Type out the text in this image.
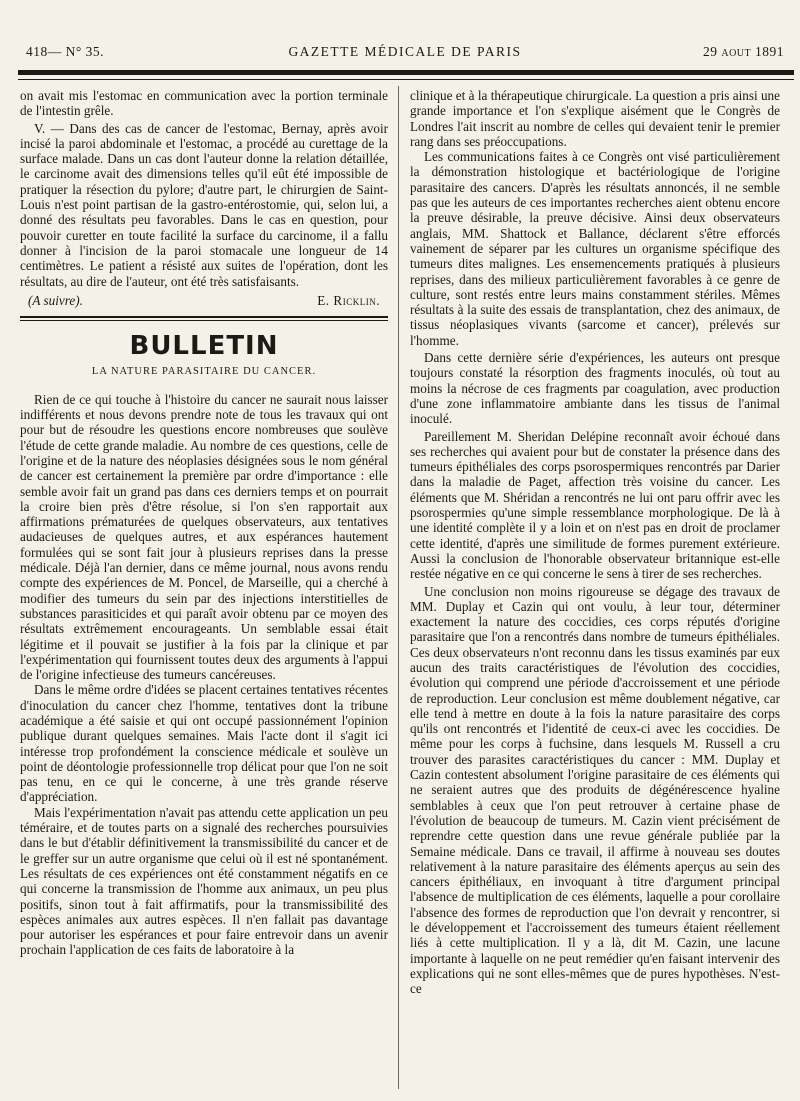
418— N° 35.	GAZETTE MÉDICALE DE PARIS	29 AOUT 1891

on avait mis l'estomac en communication avec la portion terminale de l'intestin grêle.

V. — Dans des cas de cancer de l'estomac, Bernay, après avoir incisé la paroi abdominale et l'estomac, a procédé au curettage de la surface malade. Dans un cas dont l'auteur donne la relation détaillée, le carcinome avait des dimensions telles qu'il eût été impossible de pratiquer la résection du pylore; d'autre part, le chirurgien de Saint-Louis n'est point partisan de la gastro-entérostomie, qui, selon lui, a donné des résultats peu favorables. Dans le cas en question, pour pouvoir curetter en toute facilité la surface du carcinome, il a fallu donner à l'incision de la paroi stomacale une longueur de 14 centimètres. Le patient a résisté aux suites de l'opération, dont les résultats, au dire de l'auteur, ont été très satisfaisants.

(A suivre).	E. Ricklin.
BULLETIN
LA NATURE PARASITAIRE DU CANCER.

Rien de ce qui touche à l'histoire du cancer ne saurait nous laisser indifférents et nous devons prendre note de tous les travaux qui ont pour but de résoudre les questions encore nombreuses que soulève l'étude de cette grande maladie. Au nombre de ces questions, celle de l'origine et de la nature des néoplasies désignées sous le nom général de cancer est certainement la première par ordre d'importance : elle semble avoir fait un grand pas dans ces derniers temps et on pourrait la croire bien près d'être résolue, si l'on s'en rapportait aux affirmations prématurées de quelques observateurs, aux tentatives audacieuses de quelques autres, et aux espérances hautement formulées qui se sont fait jour à plusieurs reprises dans la presse médicale. Déjà l'an dernier, dans ce même journal, nous avons rendu compte des expériences de M. Poncel, de Marseille, qui a cherché à modifier des tumeurs du sein par des injections interstitielles de substances parasiticides et qui paraît avoir obtenu par ce moyen des résultats extrêmement encourageants. Un semblable essai était légitime et il pouvait se justifier à la fois par la clinique et par l'expérimentation qui fournissent toutes deux des arguments à l'appui de l'origine infectieuse des tumeurs cancéreuses.

Dans le même ordre d'idées se placent certaines tentatives récentes d'inoculation du cancer chez l'homme, tentatives dont la tribune académique a été saisie et qui ont occupé passionnément l'opinion publique durant quelques semaines. Mais l'acte dont il s'agit ici intéresse trop profondément la conscience médicale et soulève un point de déontologie professionnelle trop délicat pour que l'on ne soit pas tenu, en ce qui le concerne, à une très grande réserve d'appréciation.

Mais l'expérimentation n'avait pas attendu cette application un peu téméraire, et de toutes parts on a signalé des recherches poursuivies dans le but d'établir définitivement la transmissibilité du cancer et de le greffer sur un autre organisme que celui où il est né spontanément. Les résultats de ces expériences ont été constamment négatifs en ce qui concerne la transmission de l'homme aux animaux, un peu plus positifs, sinon tout à fait affirmatifs, pour la transmissibilité des espèces animales aux autres espèces. Il n'en fallait pas davantage pour autoriser les espérances et pour faire entrevoir dans un avenir prochain l'application de ces faits de laboratoire à la

clinique et à la thérapeutique chirurgicale. La question a pris ainsi une grande importance et l'on s'explique aisément que le Congrès de Londres l'ait inscrit au nombre de celles qui devaient tenir le premier rang dans ses préoccupations.

Les communications faites à ce Congrès ont visé particulièrement la démonstration histologique et bactériologique de l'origine parasitaire des cancers. D'après les résultats annoncés, il ne semble pas que les auteurs de ces importantes recherches aient obtenu encore la preuve désirable, la preuve décisive. Ainsi deux observateurs anglais, MM. Shattock et Ballance, déclarent s'être efforcés vainement de séparer par les cultures un organisme spécifique des tumeurs dites malignes. Les ensemencements pratiqués à plusieurs reprises, dans des milieux particulièrement favorables à ce genre de culture, sont restés entre leurs mains constamment stériles. Mêmes résultats à la suite des essais de transplantation, chez des animaux, de tissus néoplasiques vivants (sarcome et cancer), prélevés sur l'homme.

Dans cette dernière série d'expériences, les auteurs ont presque toujours constaté la résorption des fragments inoculés, où tout au moins la nécrose de ces fragments par coagulation, avec production d'une zone inflammatoire ambiante dans les tissus de l'animal inoculé.

Pareillement M. Sheridan Delépine reconnaît avoir échoué dans ses recherches qui avaient pour but de constater la présence dans des tumeurs épithéliales des corps psorospermiques rencontrés par Darier dans la maladie de Paget, affection très voisine du cancer. Les éléments que M. Shéridan a rencontrés ne lui ont paru offrir avec les psorospermies qu'une simple ressemblance morphologique. De là à une identité complète il y a loin et on n'est pas en droit de proclamer cette identité, d'après une similitude de formes purement extérieure. Aussi la conclusion de l'honorable observateur britannique est-elle restée négative en ce qui concerne le sens à tirer de ses recherches.

Une conclusion non moins rigoureuse se dégage des travaux de MM. Duplay et Cazin qui ont voulu, à leur tour, déterminer exactement la nature des coccidies, ces corps réputés d'origine parasitaire que l'on a rencontrés dans nombre de tumeurs épithéliales. Ces deux observateurs n'ont reconnu dans les tissus examinés par eux aucun des traits caractéristiques de l'évolution des coccidies, évolution qui comprend une période d'accroissement et une période de reproduction. Leur conclusion est même doublement négative, car elle tend à mettre en doute à la fois la nature parasitaire des corps qu'ils ont rencontrés et l'identité de ceux-ci avec les coccidies. De même pour les corps à fuchsine, dans lesquels M. Russell a cru trouver des parasites caractéristiques du cancer : MM. Duplay et Cazin contestent absolument l'origine parasitaire de ces éléments qui ne seraient autres que des produits de dégénérescence hyaline semblables à ceux que l'on peut retrouver à certaine phase de l'évolution de beaucoup de tumeurs. M. Cazin vient précisément de reprendre cette question dans une revue générale publiée par la Semaine médicale. Dans ce travail, il affirme à nouveau ses doutes relativement à la nature parasitaire des éléments aperçus au sein des cancers épithéliaux, en invoquant à titre d'argument principal l'absence de multiplication de ces éléments, laquelle a pour corollaire l'absence des formes de reproduction que l'on devrait y rencontrer, si le développement et l'accroissement des tumeurs étaient réellement liés à cette multiplication. Il y a là, dit M. Cazin, une lacune importante à laquelle on ne peut remédier qu'en faisant intervenir des explications qui ne sont elles-mêmes que de pures hypothèses. N'est-ce
